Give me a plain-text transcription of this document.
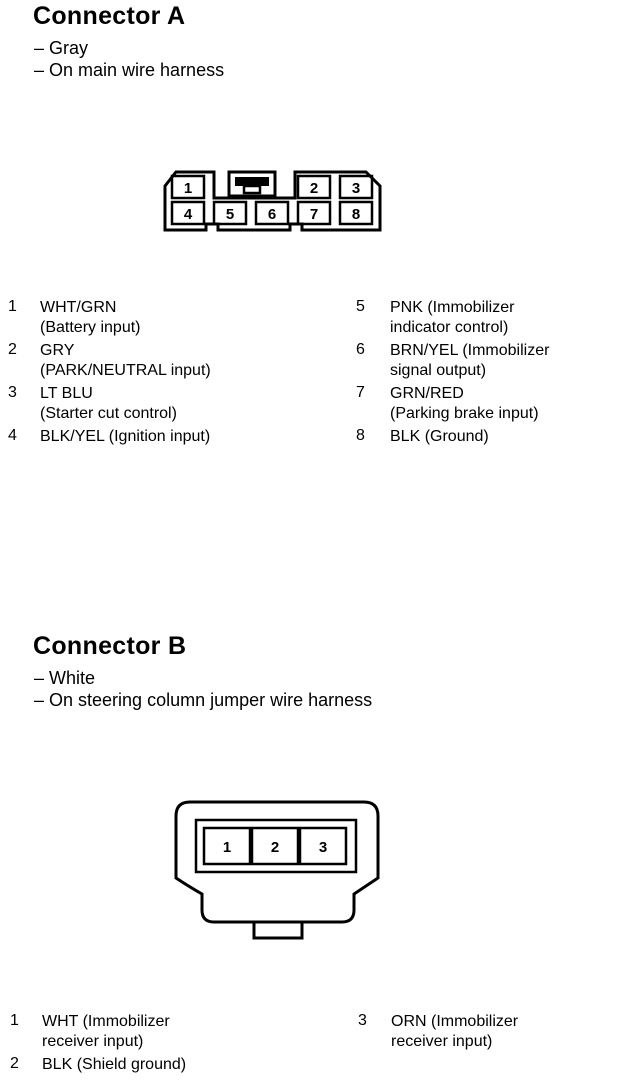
Connector A
– Gray
– On main wire harness
1	2 3
4 5 6 7 8
1 WHT/GRN
(Battery input)
2 GRY
(PARK/NEUTRAL input)
3 LT BLU
(Starter cut control)
4 BLK/YEL (Ignition input)
5 PNK (Immobilizer
indicator control)
6 BRN/YEL (Immobilizer
signal output)
7 GRN/RED
(Parking brake input)
8 BLK (Ground)
Connector B
– White
– On steering column jumper wire harness
1	2	3
1 WHT (Immobilizer
receiver input)
2 BLK (Shield ground)
3 ORN (Immobilizer
receiver input)
